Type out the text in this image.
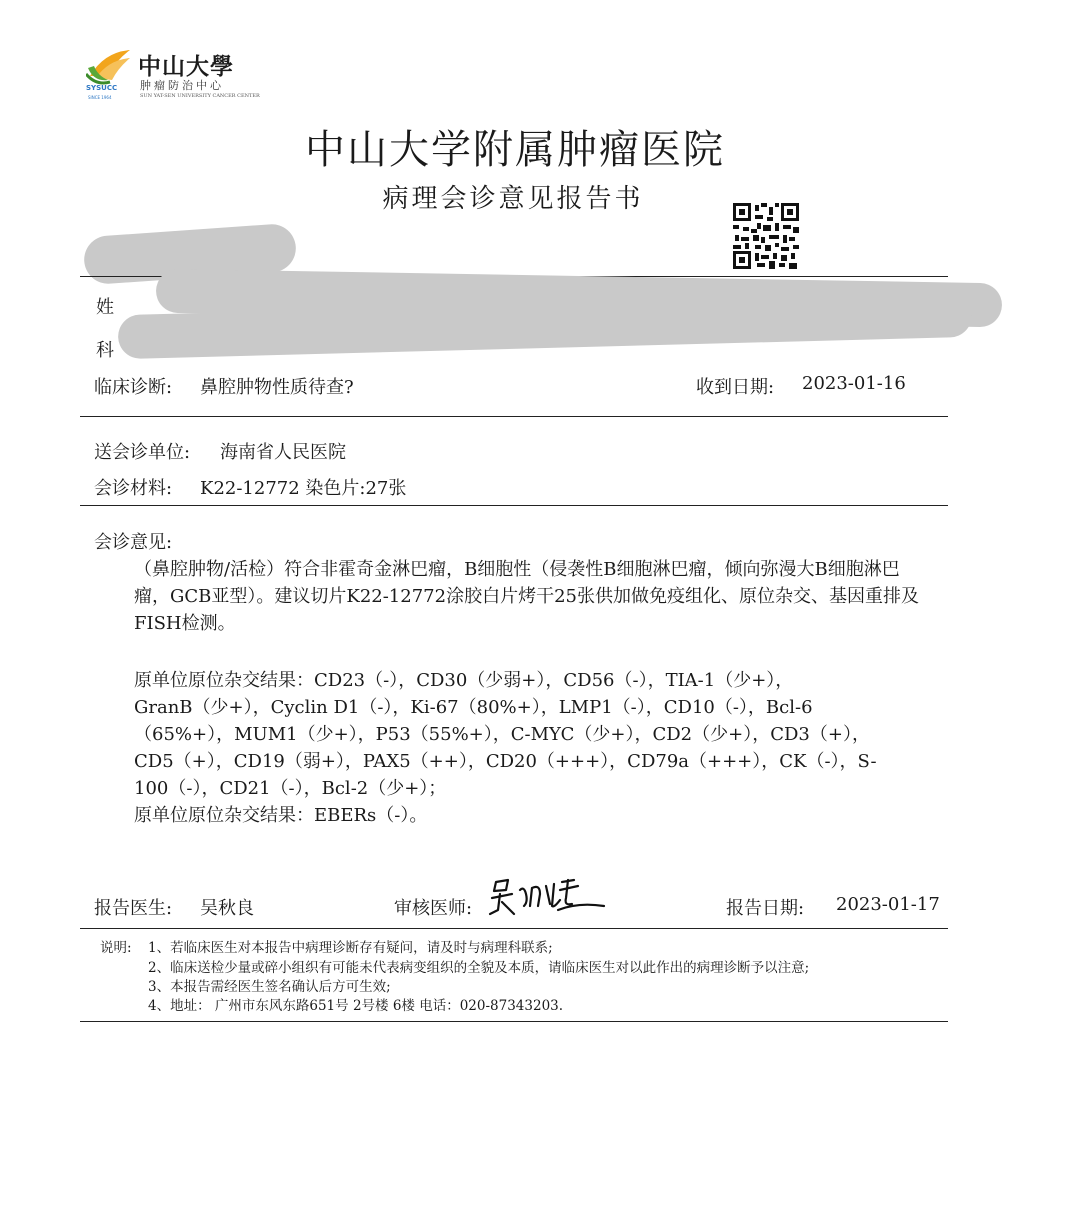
中山大學
肿瘤防治中心
SUN YAT-SEN UNIVERSITY CANCER CENTER
SYSUCC
SINCE 1964
中山大学附属肿瘤医院
病理会诊意见报告书
姓
科
临床诊断: 鼻腔肿物性质待查?	收到日期: 2023-01-16
送会诊单位: 海南省人民医院
会诊材料: K22-12772 染色片:27张
会诊意见:
（鼻腔肿物/活检）符合非霍奇金淋巴瘤，B细胞性（侵袭性B细胞淋巴瘤，倾向弥漫大B细胞淋巴瘤，GCB亚型）。建议切片K22-12772涂胶白片烤干25张供加做免疫组化、原位杂交、基因重排及FISH检测。
原单位原位杂交结果：CD23（-），CD30（少弱+），CD56（-），TIA-1（少+），
GranB（少+），Cyclin D1（-），Ki-67（80%+），LMP1（-），CD10（-），Bcl-6
（65%+），MUM1（少+），P53（55%+），C-MYC（少+），CD2（少+），CD3（+），
CD5（+），CD19（弱+），PAX5（++），CD20（+++），CD79a（+++），CK（-），S-
100（-），CD21（-），Bcl-2（少+）；
原单位原位杂交结果：EBERs（-）。
报告医生: 吴秋良	审核医师:	报告日期: 2023-01-17
说明: 1、若临床医生对本报告中病理诊断存有疑问，请及时与病理科联系;
2、临床送检少量或碎小组织有可能未代表病变组织的全貌及本质，请临床医生对以此作出的病理诊断予以注意;
3、本报告需经医生签名确认后方可生效;
4、地址： 广州市东风东路651号 2号楼 6楼 电话：020-87343203.
